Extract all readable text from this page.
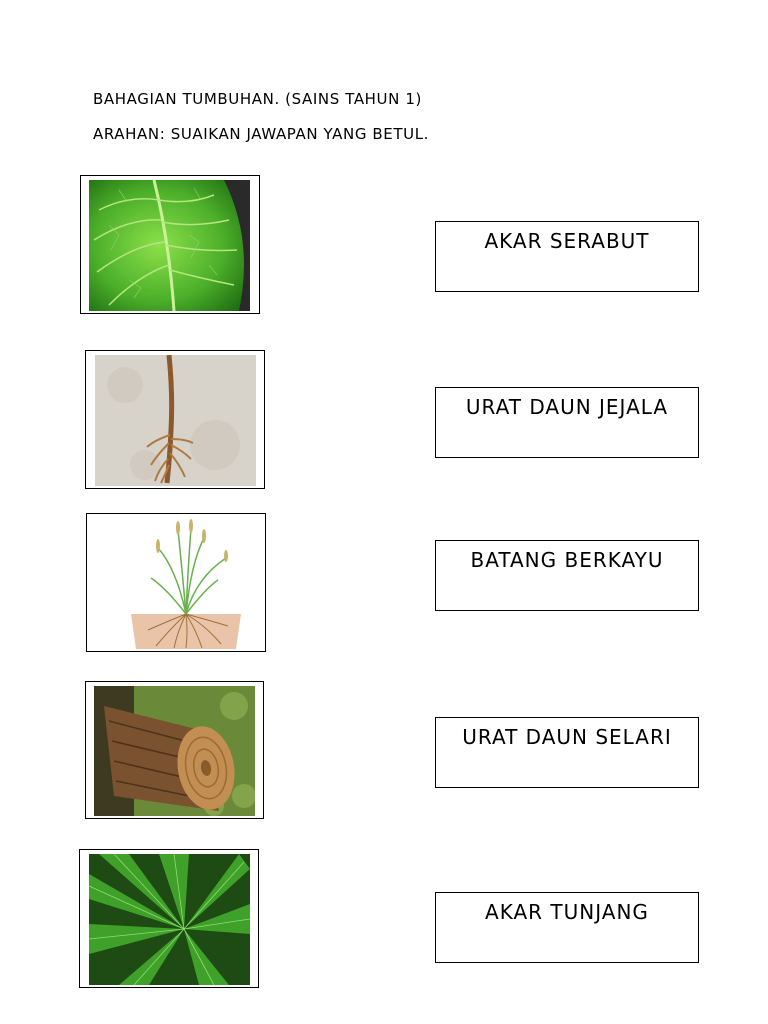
BAHAGIAN TUMBUHAN. (SAINS TAHUN 1)
ARAHAN: SUAIKAN JAWAPAN YANG BETUL.
AKAR SERABUT
URAT DAUN JEJALA
BATANG BERKAYU
URAT DAUN SELARI
AKAR TUNJANG
